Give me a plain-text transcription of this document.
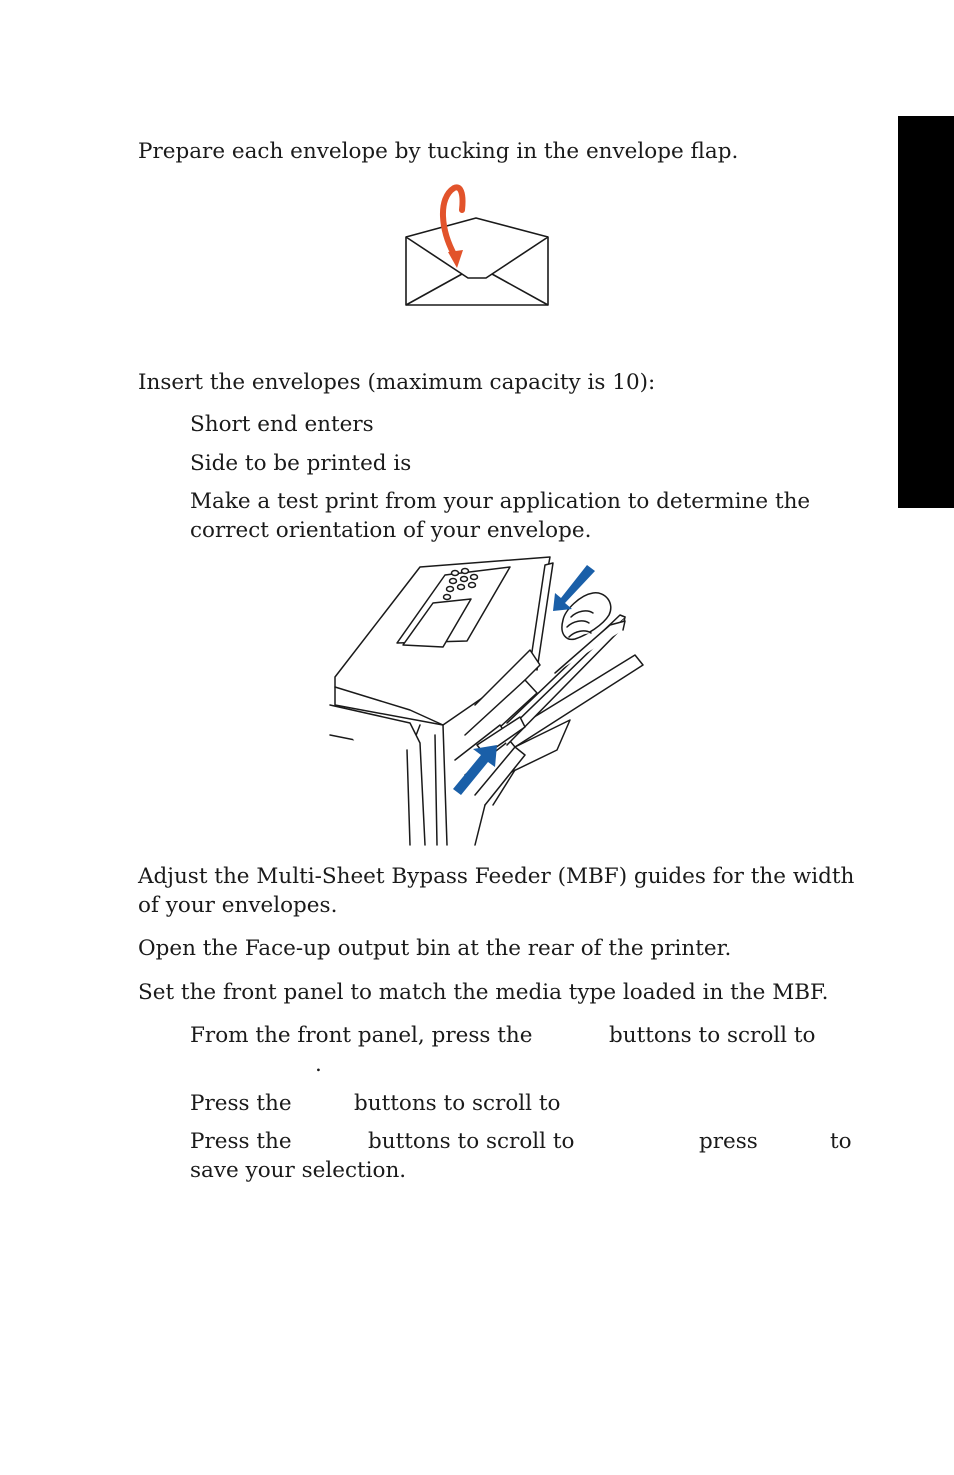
Prepare each envelope by tucking in the envelope flap.

Insert the envelopes (maximum capacity is 10):

Short end enters

Side to be printed is

Make a test print from your application to determine the

correct orientation of your envelope.

Adjust the Multi-Sheet Bypass Feeder (MBF) guides for the width

of your envelopes.

Open the Face-up output bin at the rear of the printer.

Set the front panel to match the media type loaded in the MBF.

From the front panel, press the	buttons to scroll to

.

Press the	buttons to scroll to

Press the	buttons to scroll to	press	to

save your selection.
